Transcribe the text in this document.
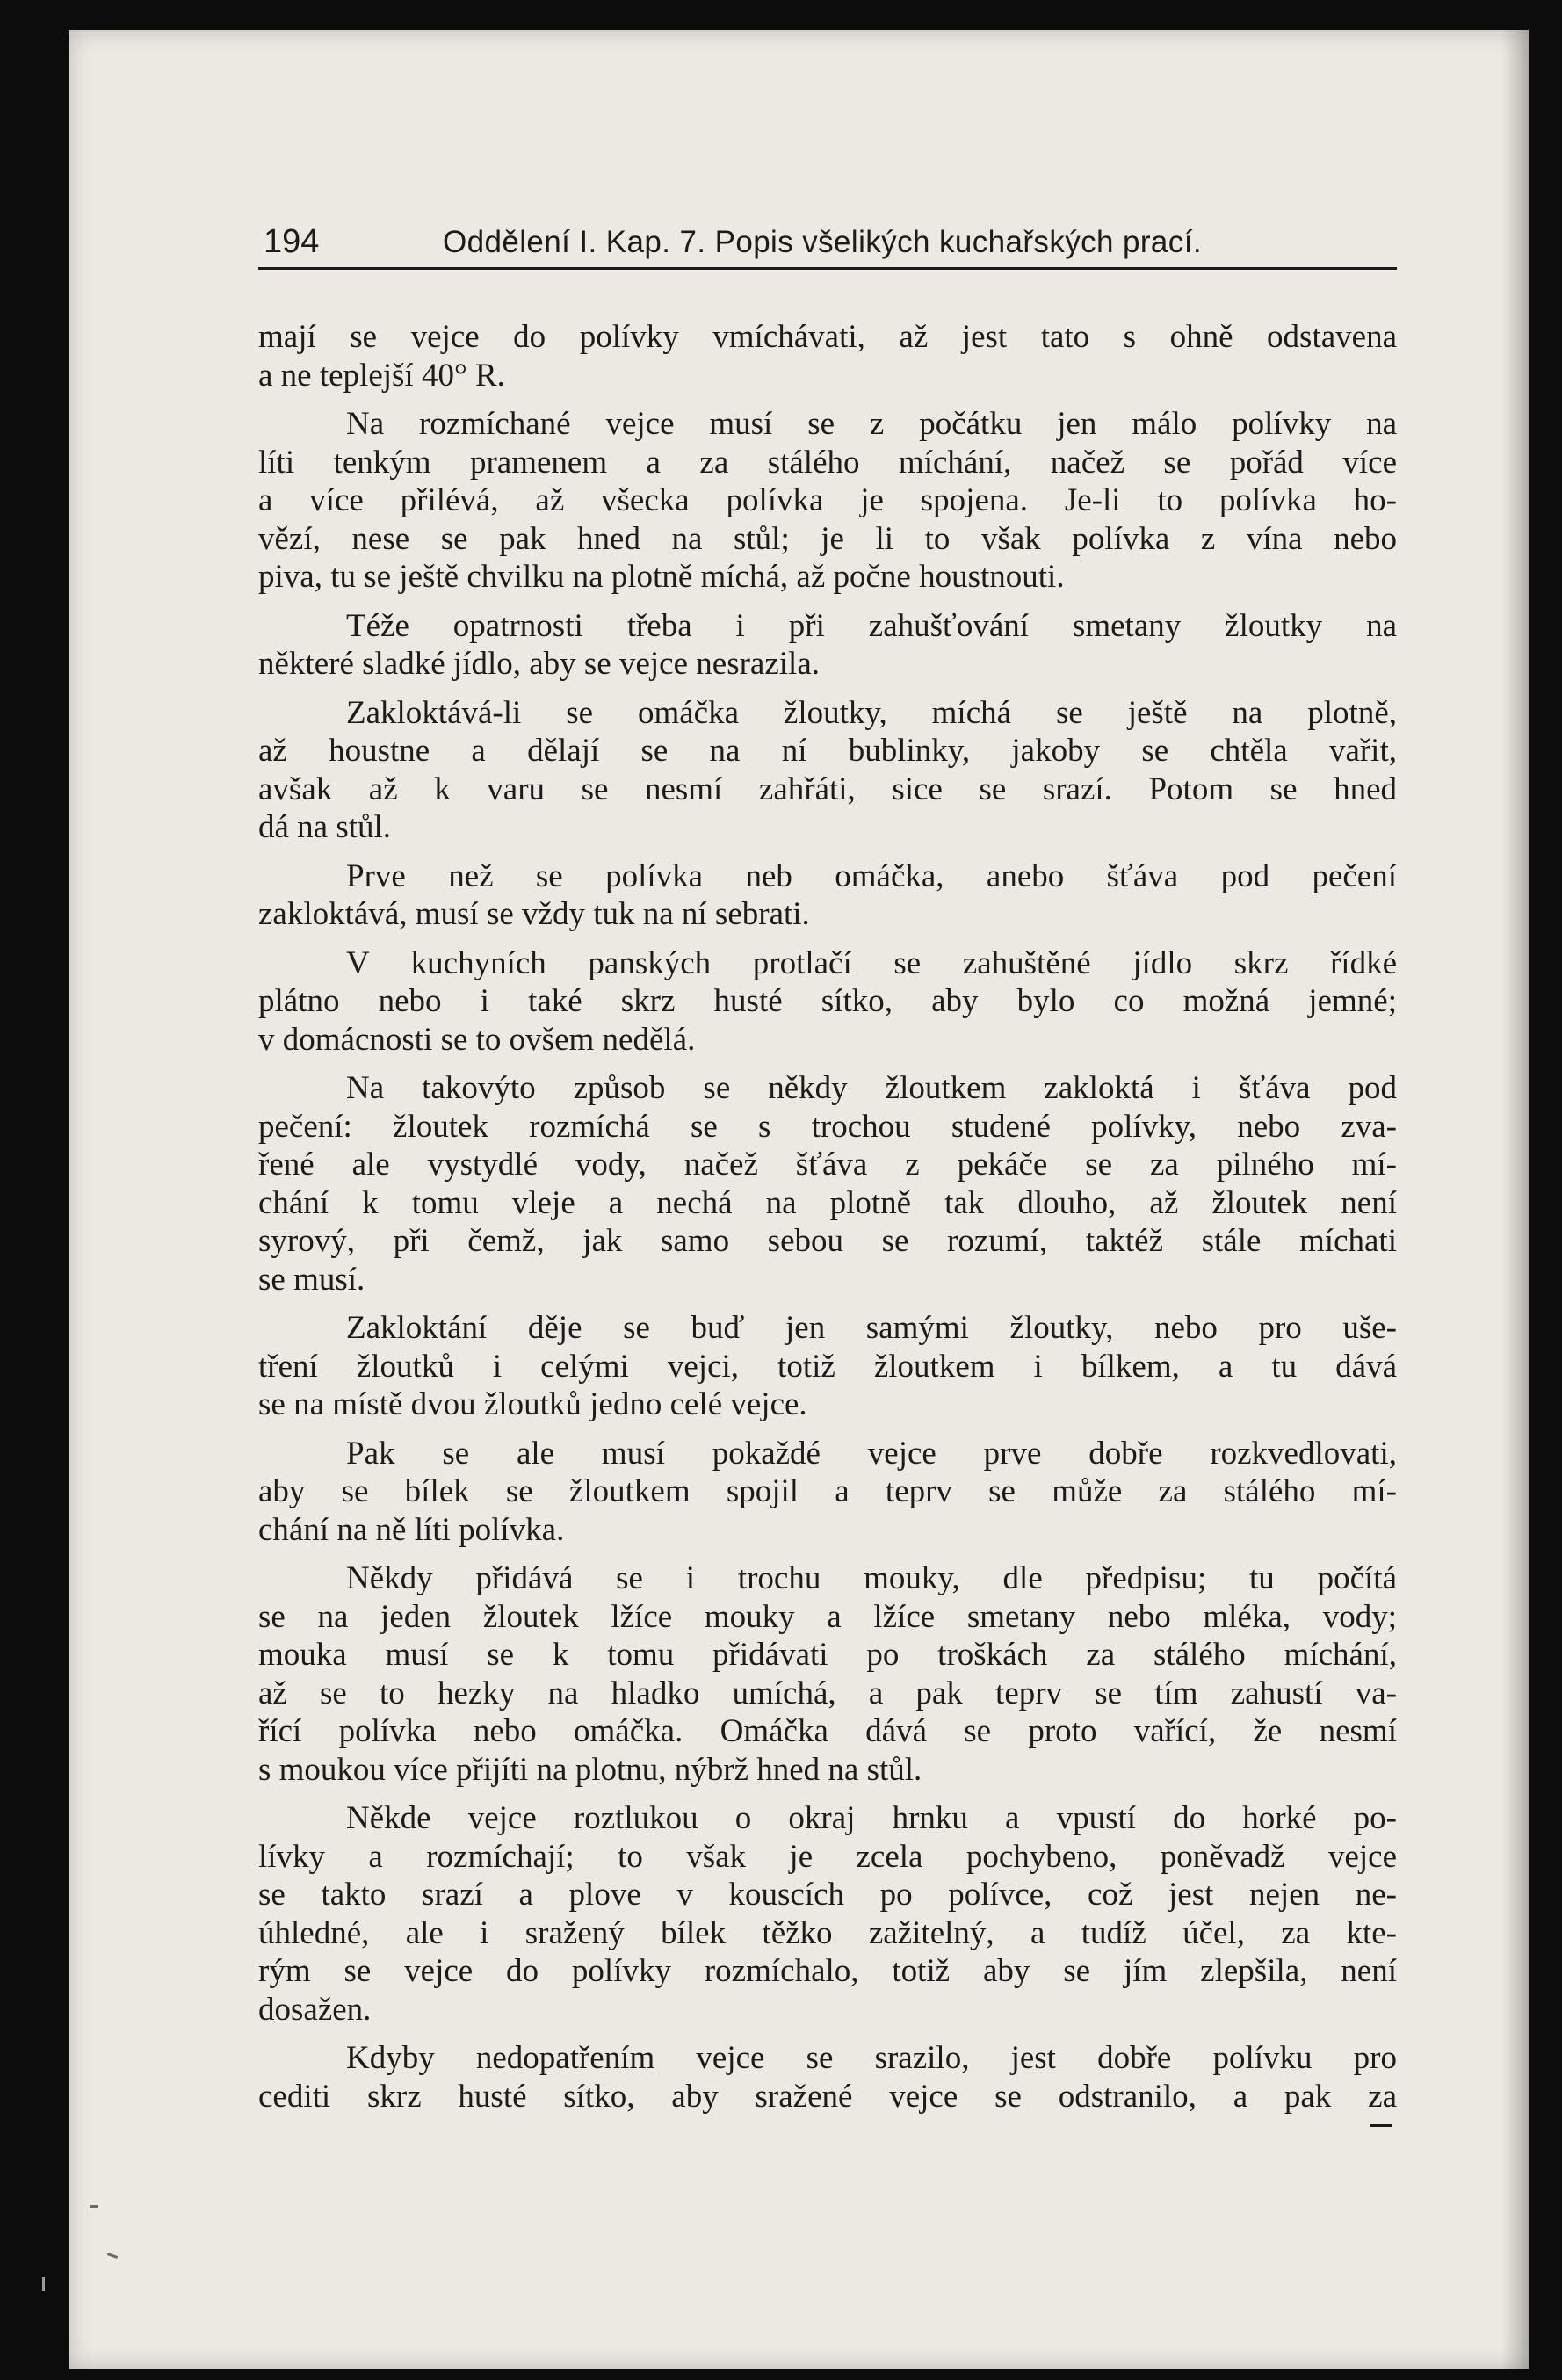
194	Oddělení I. Kap. 7. Popis všelikých kuchařských prací.
mají se vejce do polívky vmíchávati, až jest tato s ohně odstavena
a ne teplejší 40° R.
Na rozmíchané vejce musí se z počátku jen málo polívky na
líti tenkým pramenem a za stálého míchání, načež se pořád více
a více přilévá, až všecka polívka je spojena. Je-li to polívka ho-
vězí, nese se pak hned na stůl; je li to však polívka z vína nebo
piva, tu se ještě chvilku na plotně míchá, až počne houstnouti.
Téže opatrnosti třeba i při zahušťování smetany žloutky na
některé sladké jídlo, aby se vejce nesrazila.
Zakloktává-li se omáčka žloutky, míchá se ještě na plotně,
až houstne a dělají se na ní bublinky, jakoby se chtěla vařit,
avšak až k varu se nesmí zahřáti, sice se srazí. Potom se hned
dá na stůl.
Prve než se polívka neb omáčka, anebo šťáva pod pečení
zakloktává, musí se vždy tuk na ní sebrati.
V kuchyních panských protlačí se zahuštěné jídlo skrz řídké
plátno nebo i také skrz husté sítko, aby bylo co možná jemné;
v domácnosti se to ovšem nedělá.
Na takovýto způsob se někdy žloutkem zakloktá i šťáva pod
pečení: žloutek rozmíchá se s trochou studené polívky, nebo zva-
řené ale vystydlé vody, načež šťáva z pekáče se za pilného mí-
chání k tomu vleje a nechá na plotně tak dlouho, až žloutek není
syrový, při čemž, jak samo sebou se rozumí, taktéž stále míchati
se musí.
Zakloktání děje se buď jen samými žloutky, nebo pro uše-
tření žloutků i celými vejci, totiž žloutkem i bílkem, a tu dává
se na místě dvou žloutků jedno celé vejce.
Pak se ale musí pokaždé vejce prve dobře rozkvedlovati,
aby se bílek se žloutkem spojil a teprv se může za stálého mí-
chání na ně líti polívka.
Někdy přidává se i trochu mouky, dle předpisu; tu počítá
se na jeden žloutek lžíce mouky a lžíce smetany nebo mléka, vody;
mouka musí se k tomu přidávati po troškách za stálého míchání,
až se to hezky na hladko umíchá, a pak teprv se tím zahustí va-
řící polívka nebo omáčka. Omáčka dává se proto vařící, že nesmí
s moukou více přijíti na plotnu, nýbrž hned na stůl.
Někde vejce roztlukou o okraj hrnku a vpustí do horké po-
lívky a rozmíchají; to však je zcela pochybeno, poněvadž vejce
se takto srazí a plove v kouscích po polívce, což jest nejen ne-
úhledné, ale i sražený bílek těžko zažitelný, a tudíž účel, za kte-
rým se vejce do polívky rozmíchalo, totiž aby se jím zlepšila, není
dosažen.
Kdyby nedopatřením vejce se srazilo, jest dobře polívku pro
cediti skrz husté sítko, aby sražené vejce se odstranilo, a pak za
